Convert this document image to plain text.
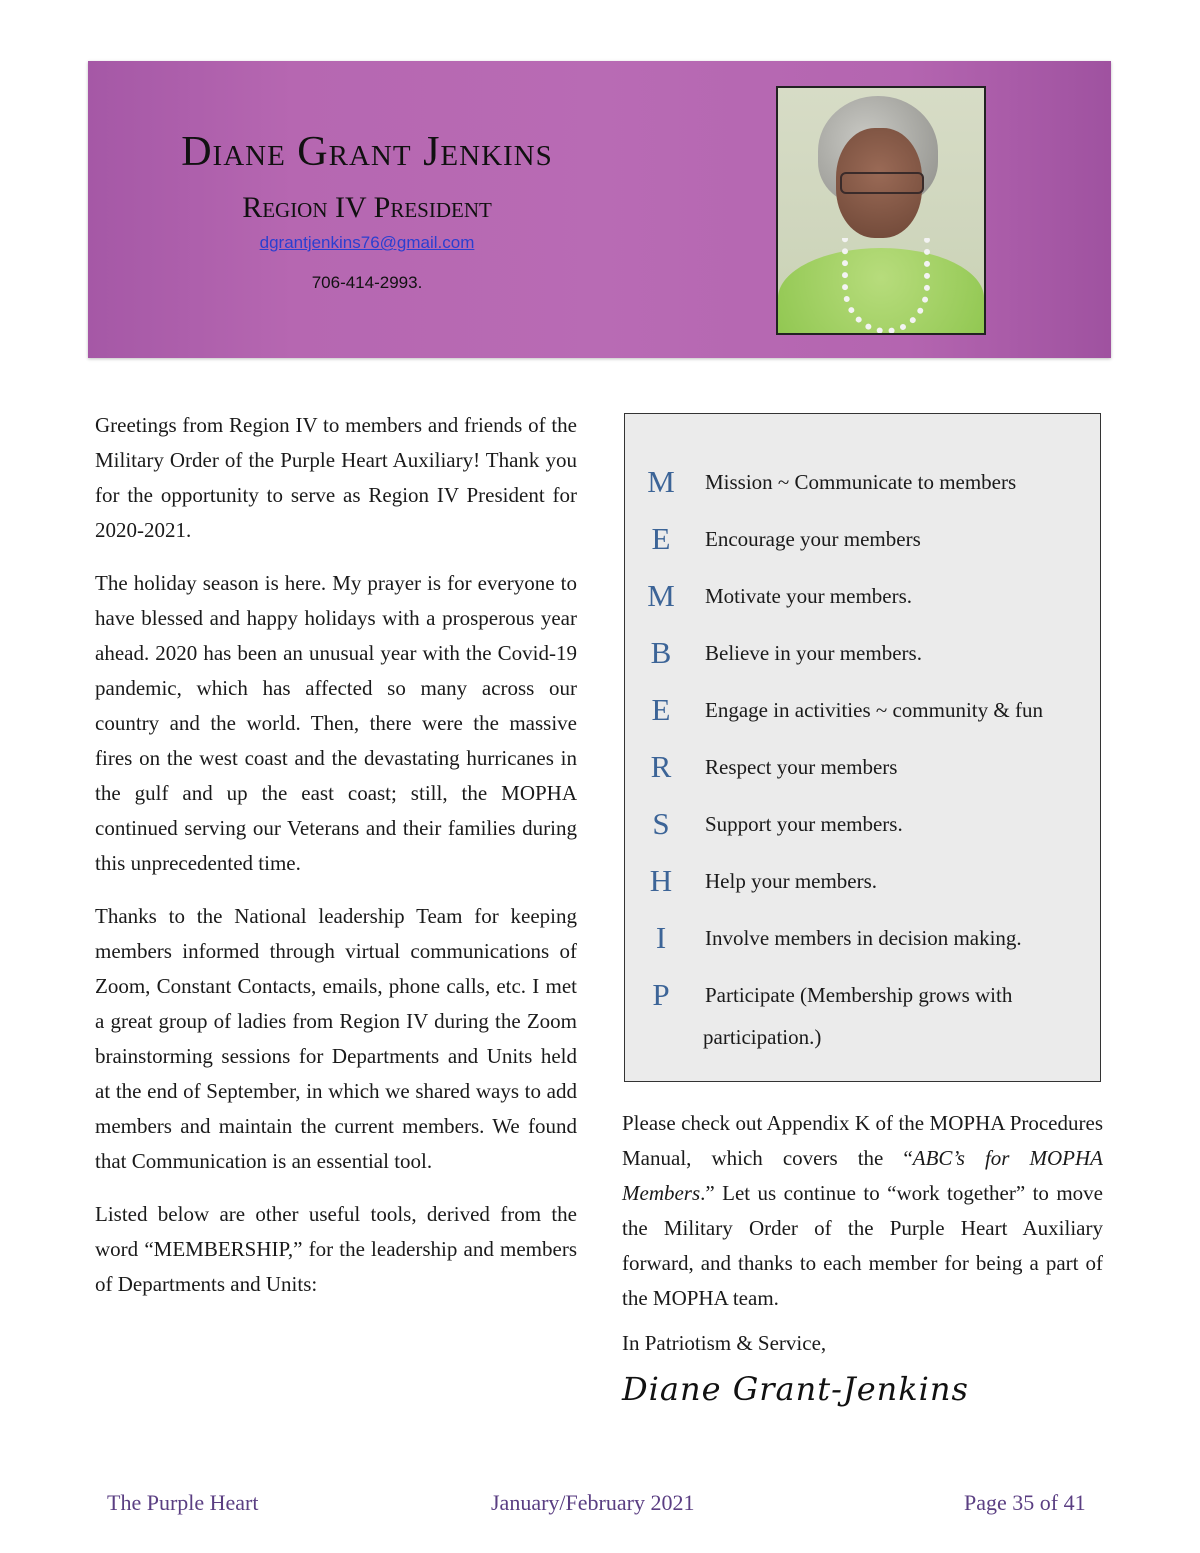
Diane Grant Jenkins
Region IV President
dgrantjenkins76@gmail.com
706-414-2993.

Greetings from Region IV to members and friends of the Military Order of the Purple Heart Auxiliary! Thank you for the opportunity to serve as Region IV President for 2020-2021.

The holiday season is here. My prayer is for everyone to have blessed and happy holidays with a prosperous year ahead. 2020 has been an unusual year with the Covid-19 pandemic, which has affected so many across our country and the world. Then, there were the massive fires on the west coast and the devastating hurricanes in the gulf and up the east coast; still, the MOPHA continued serving our Veterans and their families during this unprecedented time.

Thanks to the National leadership Team for keeping members informed through virtual communications of Zoom, Constant Contacts, emails, phone calls, etc. I met a great group of ladies from Region IV during the Zoom brainstorming sessions for Departments and Units held at the end of September, in which we shared ways to add members and maintain the current members. We found that Communication is an essential tool.

Listed below are other useful tools, derived from the word “MEMBERSHIP,” for the leadership and members of Departments and Units:

M	Mission ~ Communicate to members
E	Encourage your members
M	Motivate your members.
B	Believe in your members.
E	Engage in activities ~ community & fun
R	Respect your members
S	Support your members.
H	Help your members.
I	Involve members in decision making.
P	Participate (Membership grows with
participation.)

Please check out Appendix K of the MOPHA Procedures Manual, which covers the “ABC’s for MOPHA Members.” Let us continue to “work together” to move the Military Order of the Purple Heart Auxiliary forward, and thanks to each member for being a part of the MOPHA team.

In Patriotism & Service,
Diane Grant-Jenkins
The Purple Heart	January/February 2021	Page 35 of 41
